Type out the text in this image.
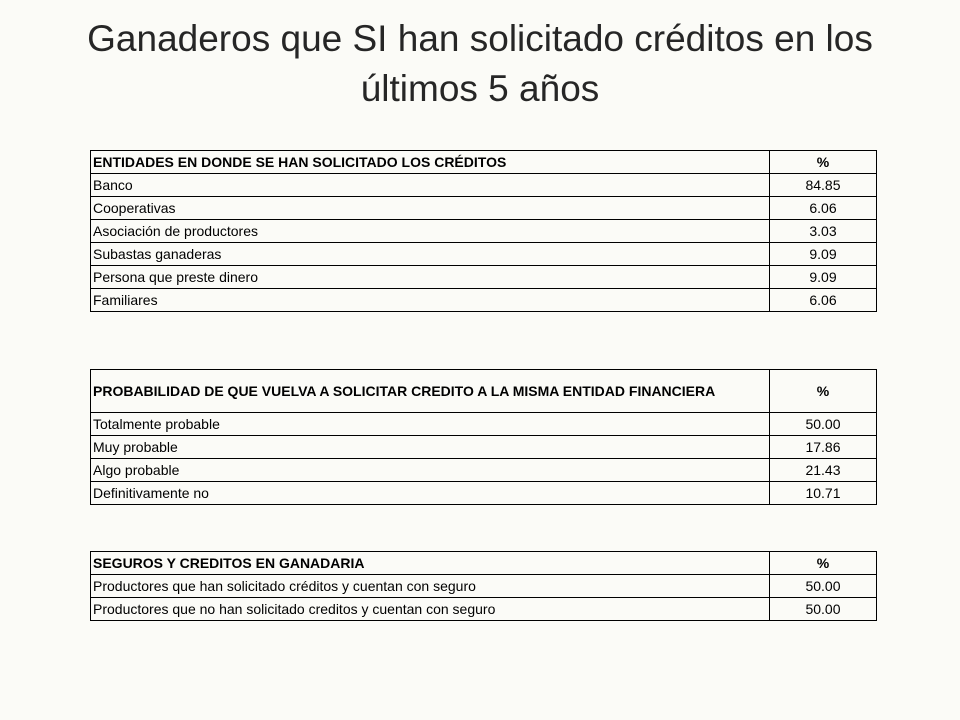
Ganaderos que SI han solicitado créditos en los últimos 5 años
ENTIDADES EN DONDE SE HAN SOLICITADO LOS CRÉDITOS	%
Banco	84.85
Cooperativas	6.06
Asociación de productores	3.03
Subastas ganaderas	9.09
Persona que preste dinero	9.09
Familiares	6.06
PROBABILIDAD DE QUE VUELVA A SOLICITAR CREDITO A LA MISMA ENTIDAD FINANCIERA	%
Totalmente probable	50.00
Muy probable	17.86
Algo probable	21.43
Definitivamente no	10.71
SEGUROS Y CREDITOS EN GANADARIA	%
Productores que han solicitado créditos y cuentan con seguro	50.00
Productores que no han solicitado creditos y cuentan con seguro	50.00
